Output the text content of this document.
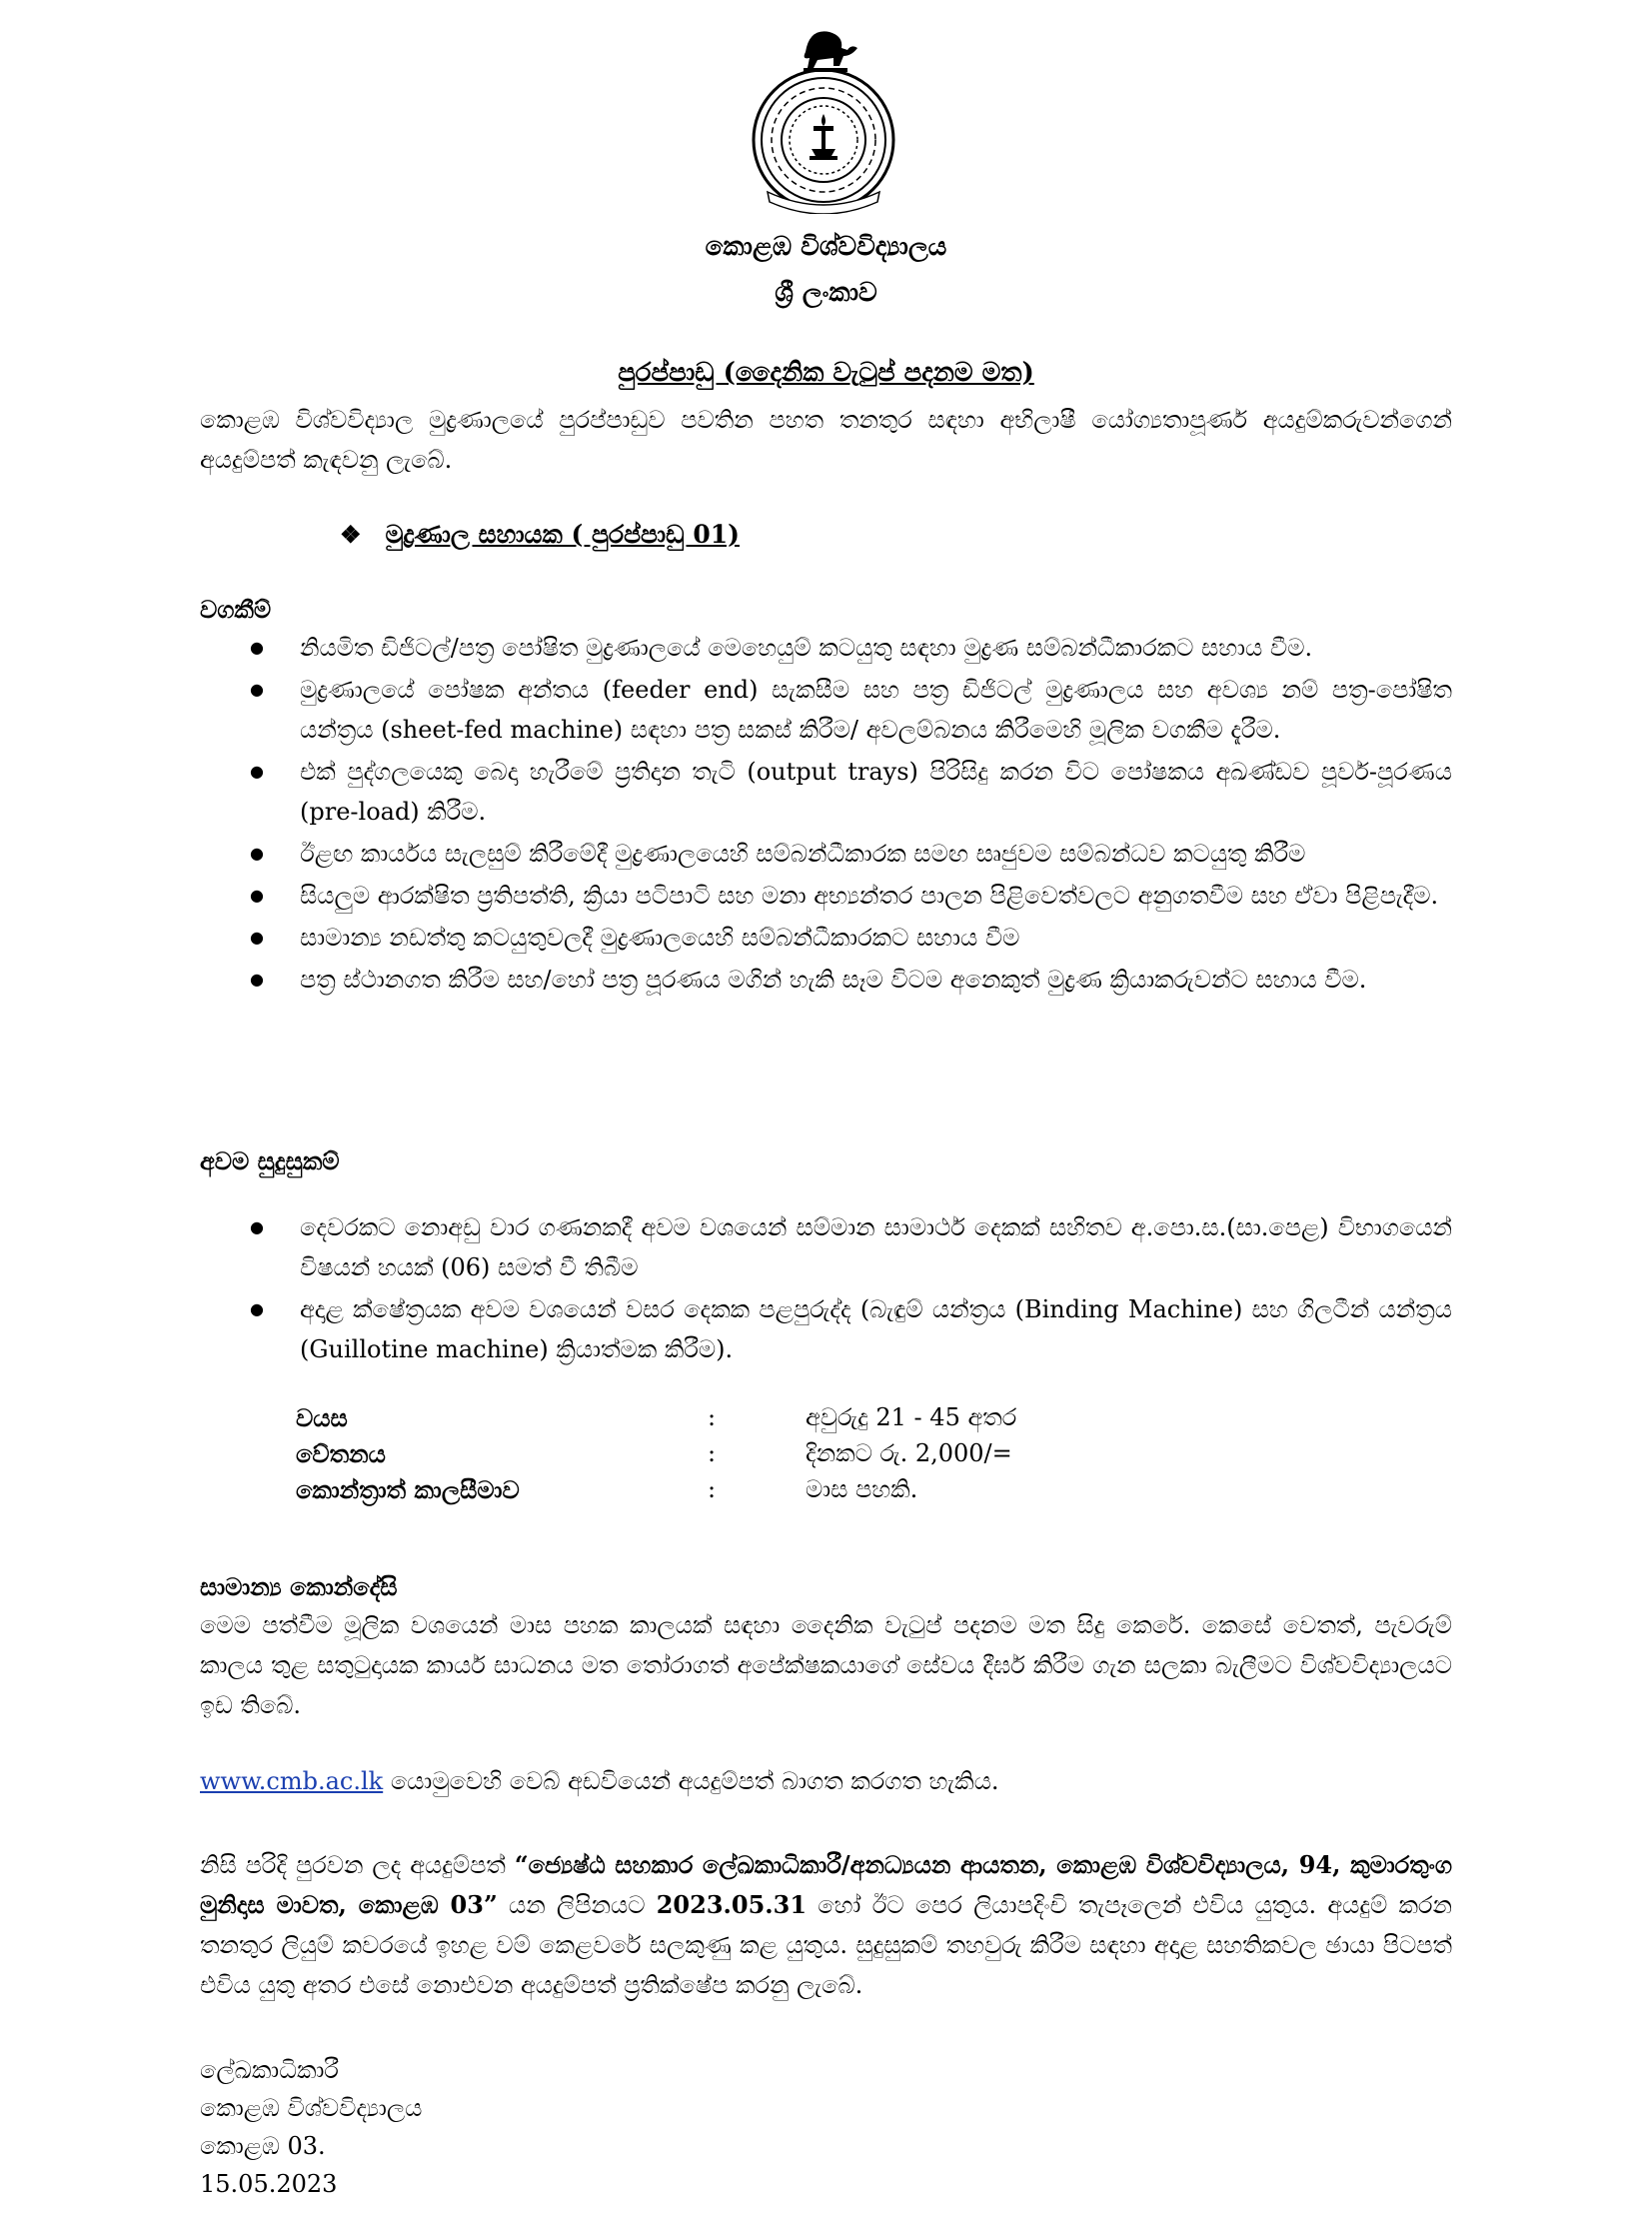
කොළඹ විශ්වවිද්‍යාලය
ශ්‍රී ලංකාව
පුරප්පාඩු (දෛනික වැටුප් පදනම මත)
කොළඹ විශ්වවිද්‍යාල මුද්‍රණාලයේ පුරප්පාඩුව පවතින පහත තනතුර සඳහා අභිලාෂී යෝග්‍යතාපූර්ණ අයදුම්කරුවන්ගෙන් අයදුම්පත් කැඳවනු ලැබේ.
❖ මුද්‍රණාල සහායක ( පුරප්පාඩු 01)
වගකීම්
● නියමිත ඩිජිටල්/පත්‍ර පෝෂිත මුද්‍රණාලයේ මෙහෙයුම් කටයුතු සඳහා මුද්‍රණ සම්බන්ධීකාරකට සහාය වීම.
● මුද්‍රණාලයේ පෝෂක අන්තය (feeder end) සැකසීම සහ පත්‍ර ඩිජිටල් මුද්‍රණාලය සහ අවශ්‍ය නම් පත්‍ර-පෝෂිත යන්ත්‍රය (sheet-fed machine) සඳහා පත්‍ර සකස් කිරීම/ අවලම්බනය කිරීමෙහි මූලික වගකීම දැරීම.
● එක් පුද්ගලයෙකු බෙදා හැරීමේ ප්‍රතිදාන තැටි (output trays) පිරිසිදු කරන විට පෝෂකය අඛණ්ඩව පූර්ව-පූරණය (pre-load) කිරීම.
● ඊළඟ කාර්යය සැලසුම් කිරීමේදී මුද්‍රණාලයෙහි සම්බන්ධීකාරක සමඟ සෘජුවම සම්බන්ධව කටයුතු කිරීම
● සියලුම ආරක්ෂිත ප්‍රතිපත්ති, ක්‍රියා පටිපාටි සහ මනා අභ්‍යන්තර පාලන පිළිවෙත්වලට අනුගතවීම සහ ඒවා පිළිපැදීම.
● සාමාන්‍ය නඩත්තු කටයුතුවලදී මුද්‍රණාලයෙහි සම්බන්ධීකාරකට සහාය වීම
● පත්‍ර ස්ථානගත කිරීම සහ/හෝ පත්‍ර පූරණය මගින් හැකි සෑම විටම අනෙකුත් මුද්‍රණ ක්‍රියාකරුවන්ට සහාය වීම.
අවම සුදුසුකම්
● දෙවරකට නොඅඩු වාර ගණනකදී අවම වශයෙන් සම්මාන සාමාර්ථ දෙකක් සහිතව අ.පො.ස.(සා.පෙළ) විභාගයෙන් විෂයන් හයක් (06) සමත් වී තිබීම
● අදාළ ක්ෂේත්‍රයක අවම වශයෙන් වසර දෙකක පළපුරුද්ද (බැඳුම් යන්ත්‍රය (Binding Machine) සහ ගිලටීන් යන්ත්‍රය (Guillotine machine) ක්‍රියාත්මක කිරීම).
වයස	:	අවුරුදු 21 - 45 අතර
වේතනය	:	දිනකට රු. 2,000/=
කොන්ත්‍රාත් කාලසීමාව	:	මාස පහකි.
සාමාන්‍ය කොන්දේසි
මෙම පත්වීම මූලික වශයෙන් මාස පහක කාලයක් සඳහා දෛනික වැටුප් පදනම මත සිදු කෙරේ. කෙසේ වෙතත්, පැවරුම් කාලය තුළ සතුටුදායක කාර්ය සාධනය මත තෝරාගත් අපේක්ෂකයාගේ සේවය දීර්ඝ කිරීම ගැන සලකා බැලීමට විශ්වවිද්‍යාලයට ඉඩ තිබේ.
www.cmb.ac.lk යොමුවෙහි වෙබ් අඩවියෙන් අයදුම්පත් බාගත කරගත හැකිය.
නිසි පරිදි පුරවන ලද අයදුම්පත් “ජ්‍යෙෂ්ඨ සහකාර ලේඛකාධිකාරී/අනධ්‍යයන ආයතන, කොළඹ විශ්වවිද්‍යාලය, 94, කුමාරතුංග මුනිදාස මාවත, කොළඹ 03” යන ලිපිනයට 2023.05.31 හෝ ඊට පෙර ලියාපදිංචි තැපෑලෙන් එවිය යුතුය. අයදුම් කරන තනතුර ලියුම් කවරයේ ඉහළ වම් කෙළවරේ සලකුණු කළ යුතුය. සුදුසුකම් තහවුරු කිරීම සඳහා අදාළ සහතිකවල ඡායා පිටපත් එවිය යුතු අතර එසේ නොඑවන අයදුම්පත් ප්‍රතික්ෂේප කරනු ලැබේ.
ලේඛකාධිකාරී
කොළඹ විශ්වවිද්‍යාලය
කොළඹ 03.
15.05.2023
